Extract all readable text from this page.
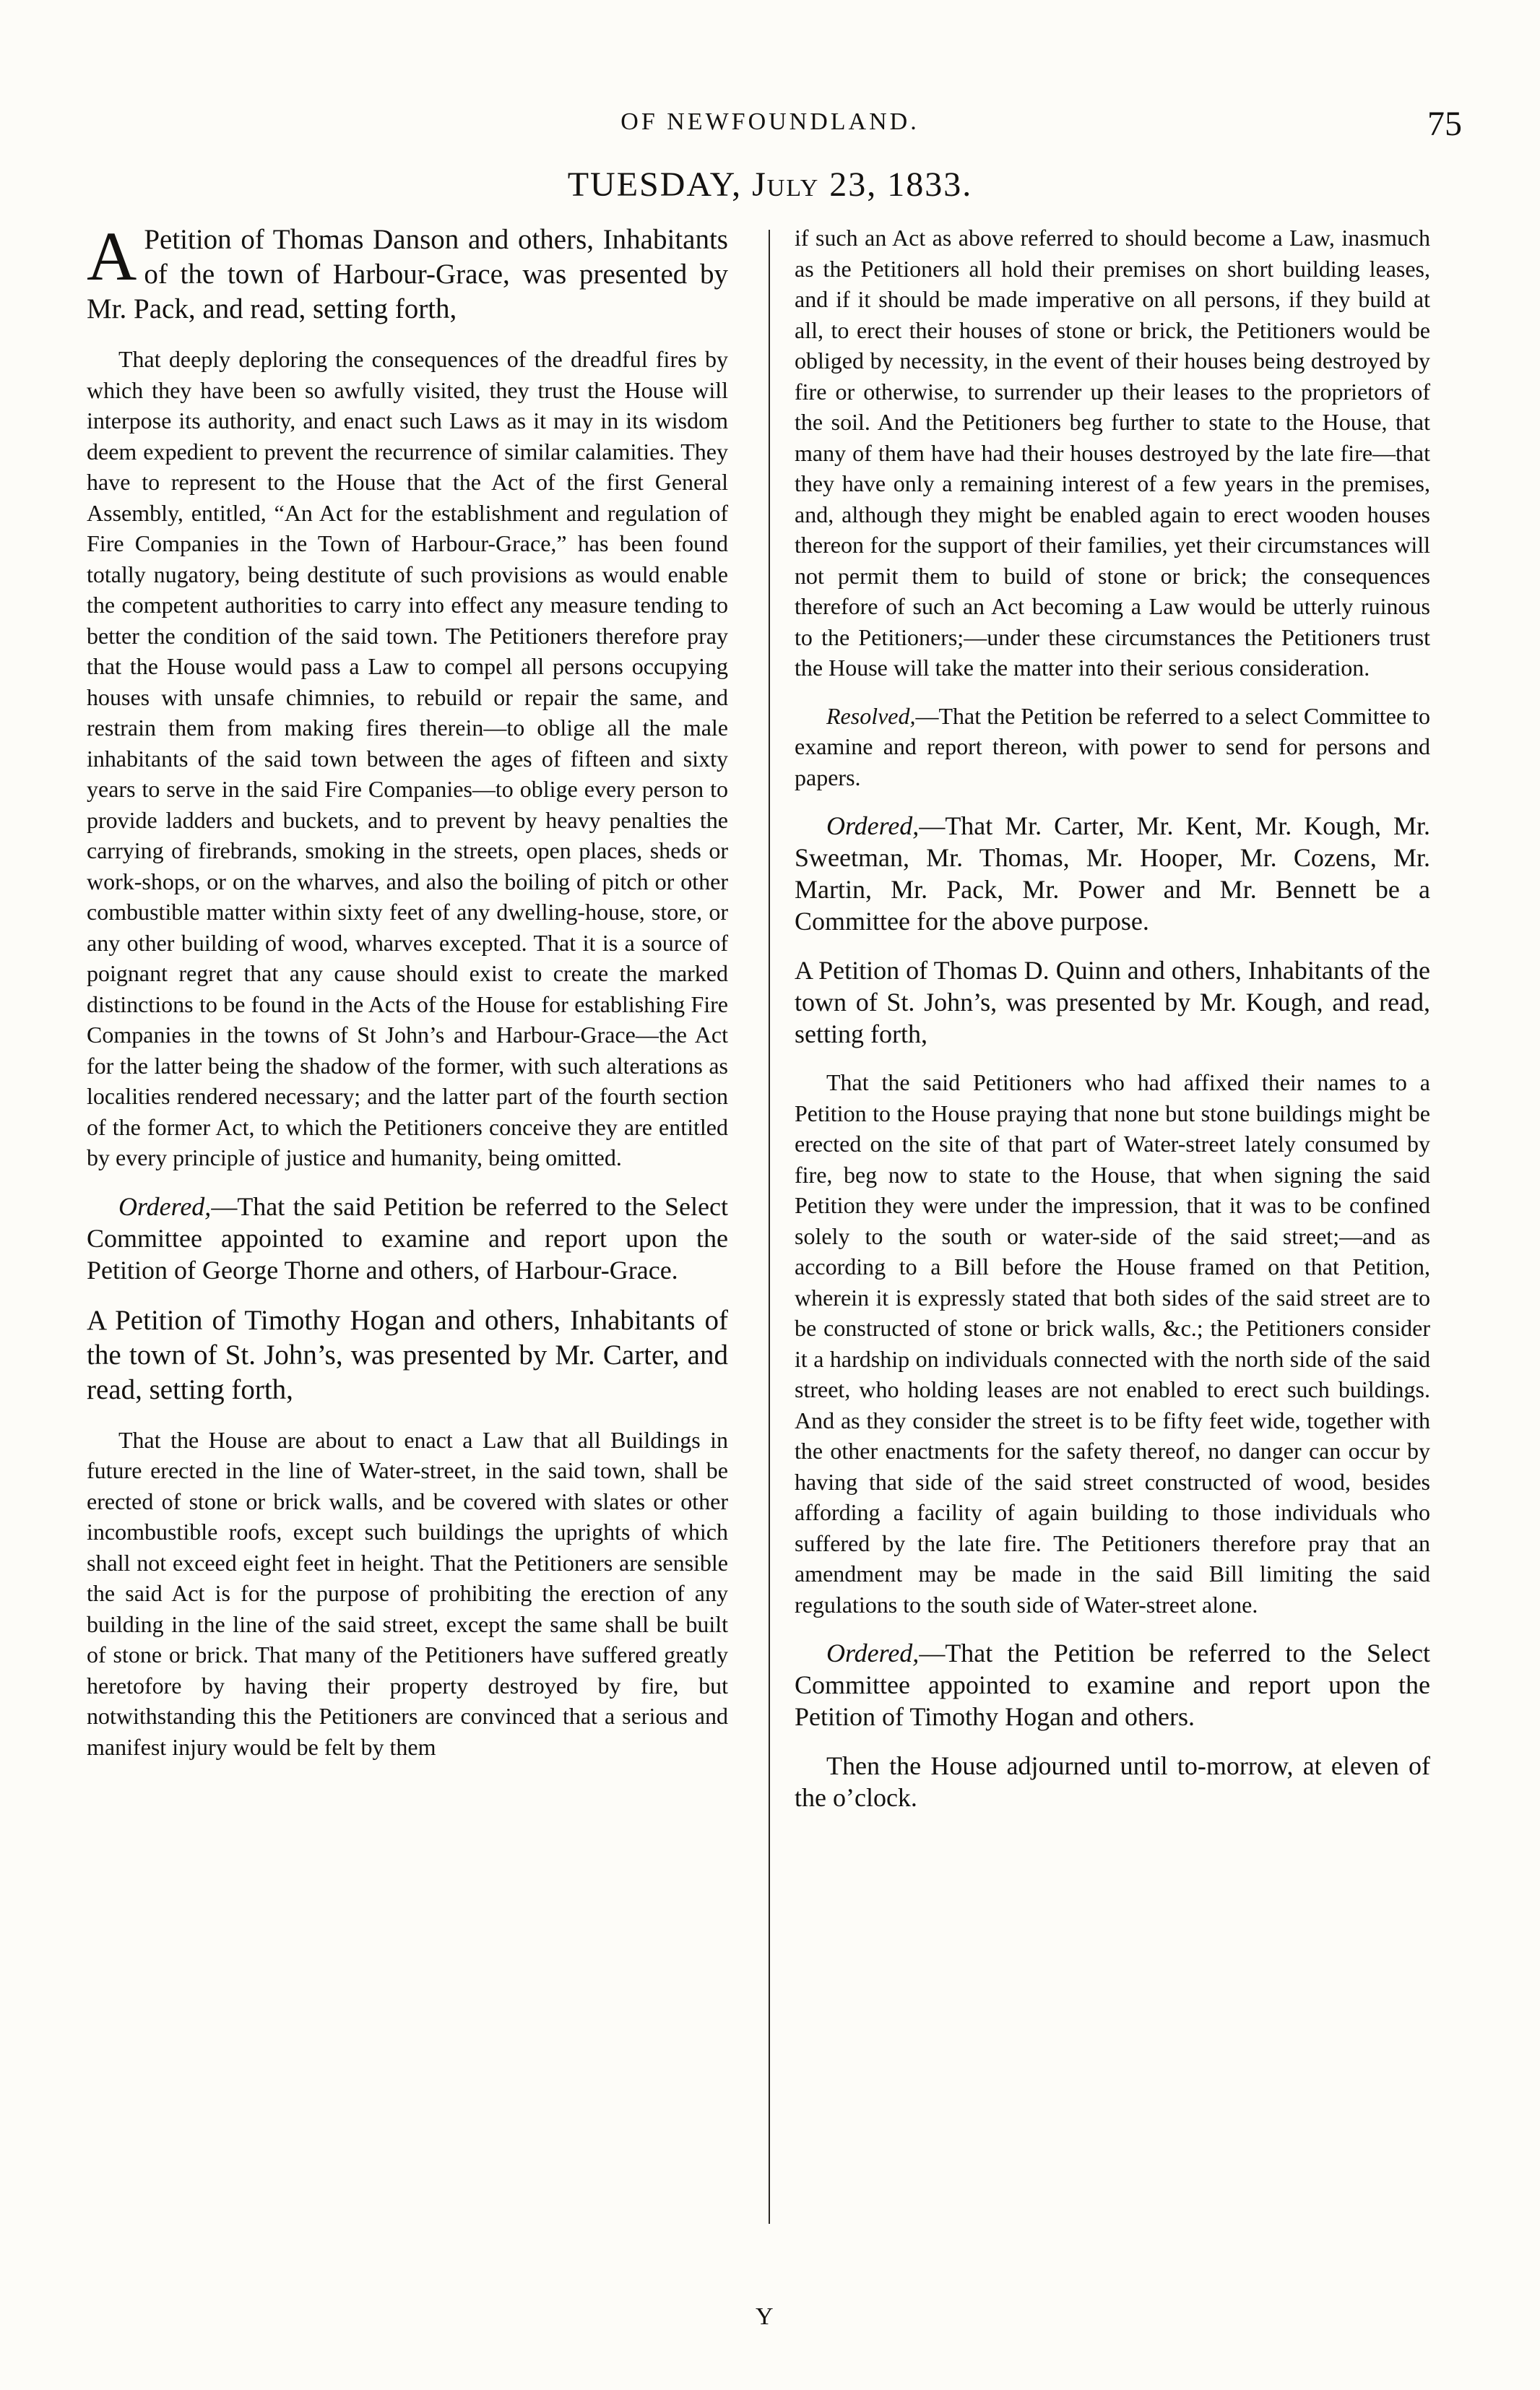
OF NEWFOUNDLAND.	75
TUESDAY, July 23, 1833.

A Petition of Thomas Danson and others, Inhabitants of the town of Harbour-Grace, was presented by Mr. Pack, and read, setting forth,

That deeply deploring the consequences of the dreadful fires by which they have been so awfully visited, they trust the House will interpose its authority, and enact such Laws as it may in its wisdom deem expedient to prevent the recurrence of similar calamities. They have to represent to the House that the Act of the first General Assembly, entitled, “An Act for the establishment and regulation of Fire Companies in the Town of Harbour-Grace,” has been found totally nugatory, being destitute of such provisions as would enable the competent authorities to carry into effect any measure tending to better the condition of the said town. The Petitioners therefore pray that the House would pass a Law to compel all persons occupying houses with unsafe chimnies, to rebuild or repair the same, and restrain them from making fires therein—to oblige all the male inhabitants of the said town between the ages of fifteen and sixty years to serve in the said Fire Companies—to oblige every person to provide ladders and buckets, and to prevent by heavy penalties the carrying of firebrands, smoking in the streets, open places, sheds or work-shops, or on the wharves, and also the boiling of pitch or other combustible matter within sixty feet of any dwelling-house, store, or any other building of wood, wharves excepted. That it is a source of poignant regret that any cause should exist to create the marked distinctions to be found in the Acts of the House for establishing Fire Companies in the towns of St John’s and Harbour-Grace—the Act for the latter being the shadow of the former, with such alterations as localities rendered necessary; and the latter part of the fourth section of the former Act, to which the Petitioners conceive they are entitled by every principle of justice and humanity, being omitted.

Ordered,—That the said Petition be referred to the Select Committee appointed to examine and report upon the Petition of George Thorne and others, of Harbour-Grace.

A Petition of Timothy Hogan and others, Inhabitants of the town of St. John’s, was presented by Mr. Carter, and read, setting forth,

That the House are about to enact a Law that all Buildings in future erected in the line of Water-street, in the said town, shall be erected of stone or brick walls, and be covered with slates or other incombustible roofs, except such buildings the uprights of which shall not exceed eight feet in height. That the Petitioners are sensible the said Act is for the purpose of prohibiting the erection of any building in the line of the said street, except the same shall be built of stone or brick. That many of the Petitioners have suffered greatly heretofore by having their property destroyed by fire, but notwithstanding this the Petitioners are convinced that a serious and manifest injury would be felt by them

if such an Act as above referred to should become a Law, inasmuch as the Petitioners all hold their premises on short building leases, and if it should be made imperative on all persons, if they build at all, to erect their houses of stone or brick, the Petitioners would be obliged by necessity, in the event of their houses being destroyed by fire or otherwise, to surrender up their leases to the proprietors of the soil. And the Petitioners beg further to state to the House, that many of them have had their houses destroyed by the late fire—that they have only a remaining interest of a few years in the premises, and, although they might be enabled again to erect wooden houses thereon for the support of their families, yet their circumstances will not permit them to build of stone or brick; the consequences therefore of such an Act becoming a Law would be utterly ruinous to the Petitioners;—under these circumstances the Petitioners trust the House will take the matter into their serious consideration.

Resolved,—That the Petition be referred to a select Committee to examine and report thereon, with power to send for persons and papers.

Ordered,—That Mr. Carter, Mr. Kent, Mr. Kough, Mr. Sweetman, Mr. Thomas, Mr. Hooper, Mr. Cozens, Mr. Martin, Mr. Pack, Mr. Power and Mr. Bennett be a Committee for the above purpose.

A Petition of Thomas D. Quinn and others, Inhabitants of the town of St. John’s, was presented by Mr. Kough, and read, setting forth,

That the said Petitioners who had affixed their names to a Petition to the House praying that none but stone buildings might be erected on the site of that part of Water-street lately consumed by fire, beg now to state to the House, that when signing the said Petition they were under the impression, that it was to be confined solely to the south or water-side of the said street;—and as according to a Bill before the House framed on that Petition, wherein it is expressly stated that both sides of the said street are to be constructed of stone or brick walls, &c.; the Petitioners consider it a hardship on individuals connected with the north side of the said street, who holding leases are not enabled to erect such buildings. And as they consider the street is to be fifty feet wide, together with the other enactments for the safety thereof, no danger can occur by having that side of the said street constructed of wood, besides affording a facility of again building to those individuals who suffered by the late fire. The Petitioners therefore pray that an amendment may be made in the said Bill limiting the said regulations to the south side of Water-street alone.

Ordered,—That the Petition be referred to the Select Committee appointed to examine and report upon the Petition of Timothy Hogan and others.

Then the House adjourned until to-morrow, at eleven of the o’clock.

Y
